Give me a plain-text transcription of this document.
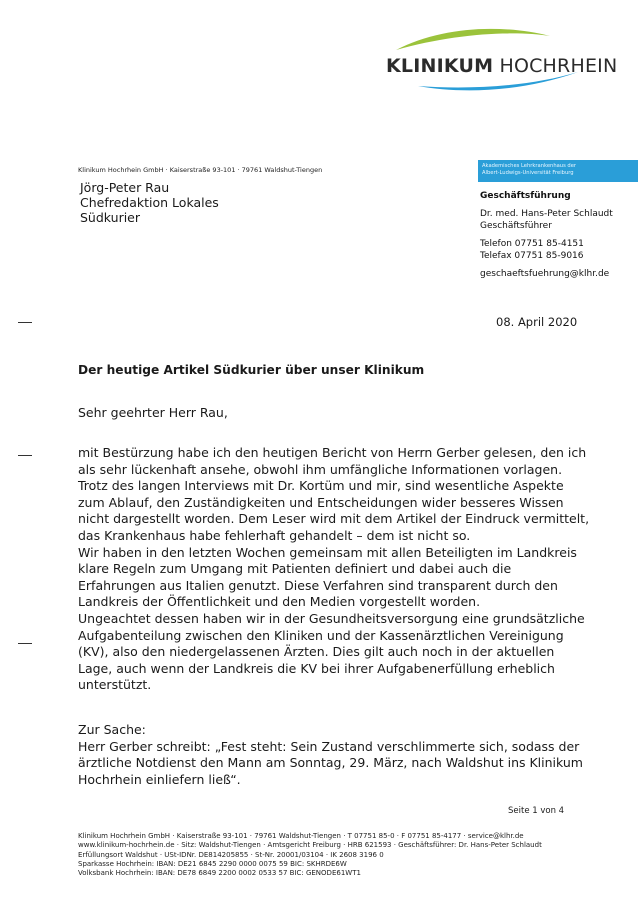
KLINIKUM HOCHRHEIN
Klinikum Hochrhein GmbH · Kaiserstraße 93-101 · 79761 Waldshut-Tiengen
Jörg-Peter Rau
Chefredaktion Lokales
Südkurier
Akademisches Lehrkrankenhaus der
Albert-Ludwigs-Universität Freiburg
Geschäftsführung
Dr. med. Hans-Peter Schlaudt
Geschäftsführer
Telefon 07751 85-4151
Telefax 07751 85-9016
geschaeftsfuehrung@klhr.de
08. April 2020
Der heutige Artikel Südkurier über unser Klinikum
Sehr geehrter Herr Rau,
mit Bestürzung habe ich den heutigen Bericht von Herrn Gerber gelesen, den ich
als sehr lückenhaft ansehe, obwohl ihm umfängliche Informationen vorlagen.
Trotz des langen Interviews mit Dr. Kortüm und mir, sind wesentliche Aspekte
zum Ablauf, den Zuständigkeiten und Entscheidungen wider besseres Wissen
nicht dargestellt worden. Dem Leser wird mit dem Artikel der Eindruck vermittelt,
das Krankenhaus habe fehlerhaft gehandelt – dem ist nicht so.
Wir haben in den letzten Wochen gemeinsam mit allen Beteiligten im Landkreis
klare Regeln zum Umgang mit Patienten definiert und dabei auch die
Erfahrungen aus Italien genutzt. Diese Verfahren sind transparent durch den
Landkreis der Öffentlichkeit und den Medien vorgestellt worden.
Ungeachtet dessen haben wir in der Gesundheitsversorgung eine grundsätzliche
Aufgabenteilung zwischen den Kliniken und der Kassenärztlichen Vereinigung
(KV), also den niedergelassenen Ärzten. Dies gilt auch noch in der aktuellen
Lage, auch wenn der Landkreis die KV bei ihrer Aufgabenerfüllung erheblich
unterstützt.
Zur Sache:
Herr Gerber schreibt: „Fest steht: Sein Zustand verschlimmerte sich, sodass der
ärztliche Notdienst den Mann am Sonntag, 29. März, nach Waldshut ins Klinikum
Hochrhein einliefern ließ“.
Seite 1 von 4
Klinikum Hochrhein GmbH · Kaiserstraße 93-101 · 79761 Waldshut-Tiengen · T 07751 85-0 · F 07751 85-4177 · service@klhr.de
www.klinikum-hochrhein.de · Sitz: Waldshut-Tiengen · Amtsgericht Freiburg · HRB 621593 · Geschäftsführer: Dr. Hans-Peter Schlaudt
Erfüllungsort Waldshut · USt-IDNr. DE814205855 · St-Nr. 20001/03104 · IK 2608 3196 0
Sparkasse Hochrhein: IBAN: DE21 6845 2290 0000 0075 59 BIC: SKHRDE6W
Volksbank Hochrhein: IBAN: DE78 6849 2200 0002 0533 57 BIC: GENODE61WT1
